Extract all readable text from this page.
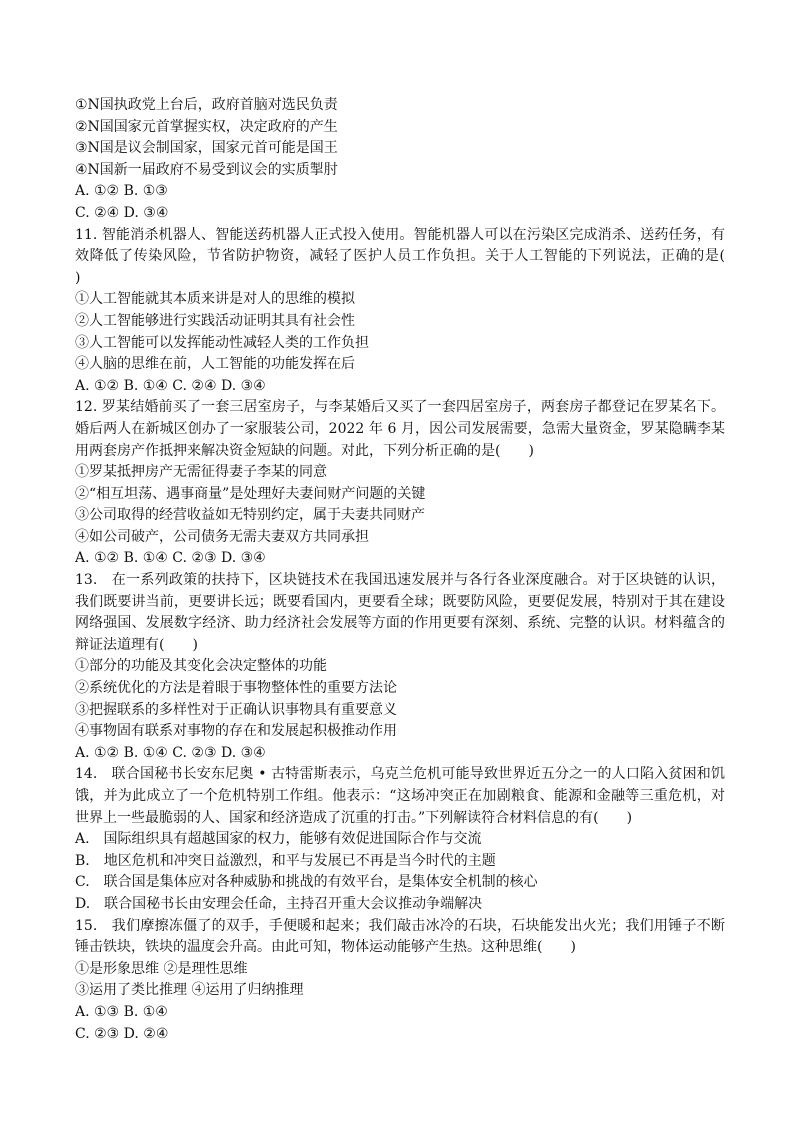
①N国执政党上台后，政府首脑对选民负责
②N国国家元首掌握实权，决定政府的产生
③N国是议会制国家，国家元首可能是国王
④N国新一届政府不易受到议会的实质掣肘
A. ①② B. ①③
C. ②④ D. ③④
11. 智能消杀机器人、智能送药机器人正式投入使用。智能机器人可以在污染区完成消杀、送药任务，有效降低了传染风险，节省防护物资，减轻了医护人员工作负担。关于人工智能的下列说法，正确的是(　　)
①人工智能就其本质来讲是对人的思维的模拟
②人工智能够进行实践活动证明其具有社会性
③人工智能可以发挥能动性减轻人类的工作负担
④人脑的思维在前，人工智能的功能发挥在后
A. ①② B. ①④ C. ②④ D. ③④
12. 罗某结婚前买了一套三居室房子，与李某婚后又买了一套四居室房子，两套房子都登记在罗某名下。婚后两人在新城区创办了一家服装公司，2022 年 6 月，因公司发展需要，急需大量资金，罗某隐瞒李某用两套房产作抵押来解决资金短缺的问题。对此，下列分析正确的是(　　)
①罗某抵押房产无需征得妻子李某的同意
②“相互坦荡、遇事商量”是处理好夫妻间财产问题的关键
③公司取得的经营收益如无特别约定，属于夫妻共同财产
④如公司破产，公司债务无需夫妻双方共同承担
A. ①② B. ①④ C. ②③ D. ③④
13.　在一系列政策的扶持下，区块链技术在我国迅速发展并与各行各业深度融合。对于区块链的认识，我们既要讲当前，更要讲长远；既要看国内，更要看全球；既要防风险，更要促发展，特别对于其在建设网络强国、发展数字经济、助力经济社会发展等方面的作用更要有深刻、系统、完整的认识。材料蕴含的辩证法道理有(　　)
①部分的功能及其变化会决定整体的功能
②系统优化的方法是着眼于事物整体性的重要方法论
③把握联系的多样性对于正确认识事物具有重要意义
④事物固有联系对事物的存在和发展起积极推动作用
A. ①② B. ①④ C. ②③ D. ③④
14.　联合国秘书长安东尼奥 • 古特雷斯表示，乌克兰危机可能导致世界近五分之一的人口陷入贫困和饥饿，并为此成立了一个危机特别工作组。他表示：“这场冲突正在加剧粮食、能源和金融等三重危机，对世界上一些最脆弱的人、国家和经济造成了沉重的打击。”下列解读符合材料信息的有(　　)
A.　国际组织具有超越国家的权力，能够有效促进国际合作与交流
B.　地区危机和冲突日益激烈，和平与发展已不再是当今时代的主题
C.　联合国是集体应对各种威胁和挑战的有效平台，是集体安全机制的核心
D.　联合国秘书长由安理会任命，主持召开重大会议推动争端解决
15.　我们摩擦冻僵了的双手，手便暖和起来；我们敲击冰冷的石块，石块能发出火光；我们用锤子不断锤击铁块，铁块的温度会升高。由此可知，物体运动能够产生热。这种思维(　　)
①是形象思维 ②是理性思维
③运用了类比推理 ④运用了归纳推理
A. ①③ B. ①④
C. ②③ D. ②④
